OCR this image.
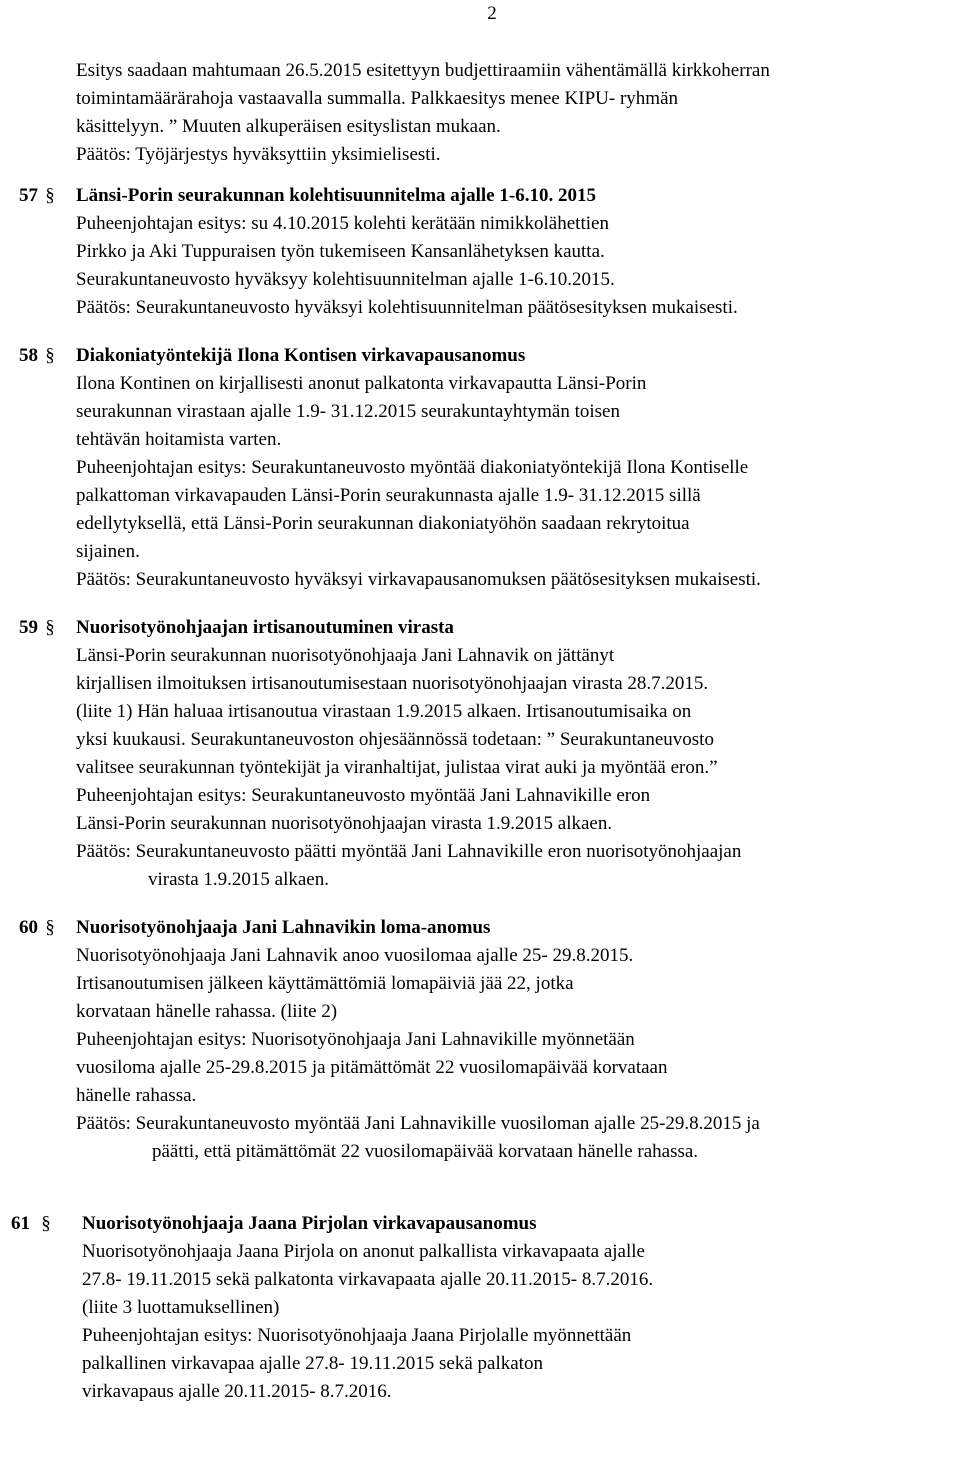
2
Esitys saadaan mahtumaan 26.5.2015 esitettyyn budjettiraamiin vähentämällä kirkkoherran
toimintamäärärahoja vastaavalla summalla. Palkkaesitys menee KIPU- ryhmän
käsittelyyn. ” Muuten alkuperäisen esityslistan mukaan.
Päätös: Työjärjestys hyväksyttiin yksimielisesti.
57 §	Länsi-Porin seurakunnan kolehtisuunnitelma ajalle 1-6.10. 2015
Puheenjohtajan esitys: su 4.10.2015 kolehti kerätään nimikkolähettien
Pirkko ja Aki Tuppuraisen työn tukemiseen Kansanlähetyksen kautta.
Seurakuntaneuvosto hyväksyy kolehtisuunnitelman ajalle 1-6.10.2015.
Päätös: Seurakuntaneuvosto hyväksyi kolehtisuunnitelman päätösesityksen mukaisesti.
58 §	Diakoniatyöntekijä Ilona Kontisen virkavapausanomus
Ilona Kontinen on kirjallisesti anonut palkatonta virkavapautta Länsi-Porin
seurakunnan virastaan ajalle 1.9- 31.12.2015 seurakuntayhtymän toisen
tehtävän hoitamista varten.
Puheenjohtajan esitys: Seurakuntaneuvosto myöntää diakoniatyöntekijä Ilona Kontiselle
palkattoman virkavapauden Länsi-Porin seurakunnasta ajalle 1.9- 31.12.2015 sillä
edellytyksellä, että Länsi-Porin seurakunnan diakoniatyöhön saadaan rekrytoitua
sijainen.
Päätös: Seurakuntaneuvosto hyväksyi virkavapausanomuksen päätösesityksen mukaisesti.
59 §	Nuorisotyönohjaajan irtisanoutuminen virasta
Länsi-Porin seurakunnan nuorisotyönohjaaja Jani Lahnavik on jättänyt
kirjallisen ilmoituksen irtisanoutumisestaan nuorisotyönohjaajan virasta 28.7.2015.
(liite 1) Hän haluaa irtisanoutua virastaan 1.9.2015 alkaen. Irtisanoutumisaika on
yksi kuukausi. Seurakuntaneuvoston ohjesäännössä todetaan: ” Seurakuntaneuvosto
valitsee seurakunnan työntekijät ja viranhaltijat, julistaa virat auki ja myöntää eron.”
Puheenjohtajan esitys: Seurakuntaneuvosto myöntää Jani Lahnavikille eron
Länsi-Porin seurakunnan nuorisotyönohjaajan virasta 1.9.2015 alkaen.
Päätös: Seurakuntaneuvosto päätti myöntää Jani Lahnavikille eron nuorisotyönohjaajan
virasta 1.9.2015 alkaen.
60 §	Nuorisotyönohjaaja Jani Lahnavikin loma-anomus
Nuorisotyönohjaaja Jani Lahnavik anoo vuosilomaa ajalle 25- 29.8.2015.
Irtisanoutumisen jälkeen käyttämättömiä lomapäiviä jää 22, jotka
korvataan hänelle rahassa. (liite 2)
Puheenjohtajan esitys: Nuorisotyönohjaaja Jani Lahnavikille myönnetään
vuosiloma ajalle 25-29.8.2015 ja pitämättömät 22 vuosilomapäivää korvataan
hänelle rahassa.
Päätös: Seurakuntaneuvosto myöntää Jani Lahnavikille vuosiloman ajalle 25-29.8.2015 ja
päätti, että pitämättömät 22 vuosilomapäivää korvataan hänelle rahassa.
61 §	Nuorisotyönohjaaja Jaana Pirjolan virkavapausanomus
Nuorisotyönohjaaja Jaana Pirjola on anonut palkallista virkavapaata ajalle
27.8- 19.11.2015 sekä palkatonta virkavapaata ajalle 20.11.2015- 8.7.2016.
(liite 3 luottamuksellinen)
Puheenjohtajan esitys: Nuorisotyönohjaaja Jaana Pirjolalle myönnettään
palkallinen virkavapaa ajalle 27.8- 19.11.2015 sekä palkaton
virkavapaus ajalle 20.11.2015- 8.7.2016.
